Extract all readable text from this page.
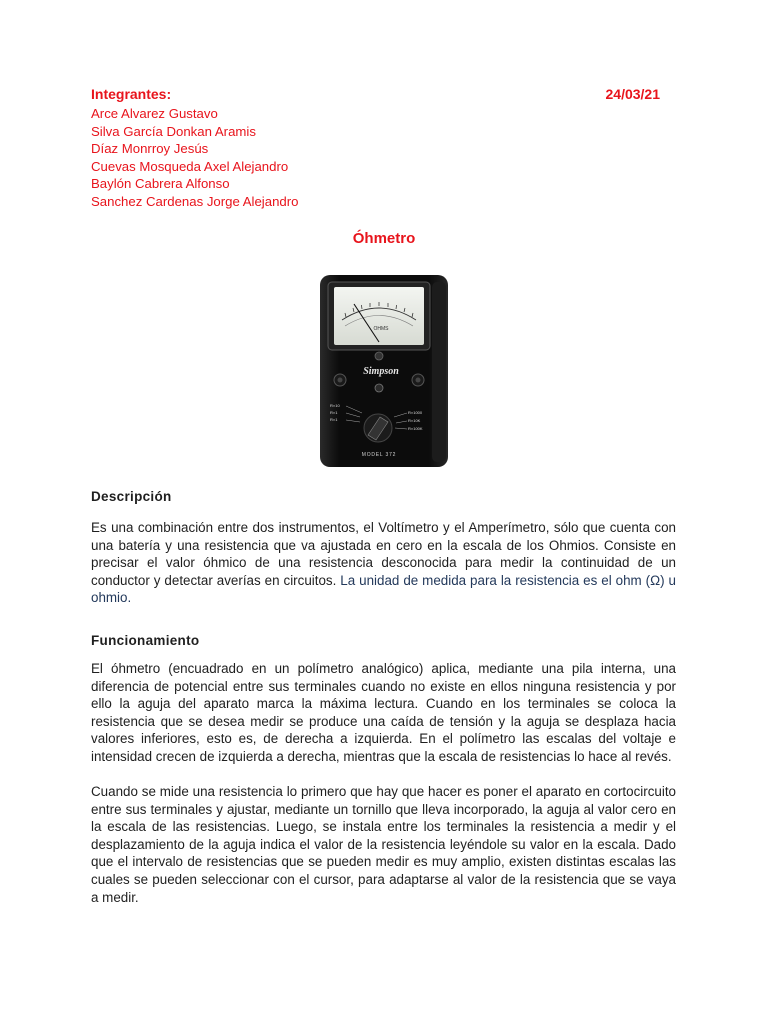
Integrantes:	24/03/21
Arce Alvarez Gustavo
Silva García Donkan Aramis
Díaz Monrroy Jesús
Cuevas Mosqueda Axel Alejandro
Baylón Cabrera Alfonso
Sanchez Cardenas Jorge Alejandro
Óhmetro
OHMS
Simpson
R×10
R×1
R×1
R×1000
R×10K
R×100K
MODEL 372
Descripción

Es una combinación entre dos instrumentos, el Voltímetro y el Amperímetro, sólo que cuenta con una batería y una resistencia que va ajustada en cero en la escala de los Ohmios. Consiste en precisar el valor óhmico de una resistencia desconocida para medir la continuidad de un conductor y detectar averías en circuitos. La unidad de medida para la resistencia es el ohm (Ω) u ohmio.

Funcionamiento

El óhmetro (encuadrado en un polímetro analógico) aplica, mediante una pila interna, una diferencia de potencial entre sus terminales cuando no existe en ellos ninguna resistencia y por ello la aguja del aparato marca la máxima lectura. Cuando en los terminales se coloca la resistencia que se desea medir se produce una caída de tensión y la aguja se desplaza hacia valores inferiores, esto es, de derecha a izquierda. En el polímetro las escalas del voltaje e intensidad crecen de izquierda a derecha, mientras que la escala de resistencias lo hace al revés.

Cuando se mide una resistencia lo primero que hay que hacer es poner el aparato en cortocircuito entre sus terminales y ajustar, mediante un tornillo que lleva incorporado, la aguja al valor cero en la escala de las resistencias. Luego, se instala entre los terminales la resistencia a medir y el desplazamiento de la aguja indica el valor de la resistencia leyéndole su valor en la escala. Dado que el intervalo de resistencias que se pueden medir es muy amplio, existen distintas escalas las cuales se pueden seleccionar con el cursor, para adaptarse al valor de la resistencia que se vaya a medir.
